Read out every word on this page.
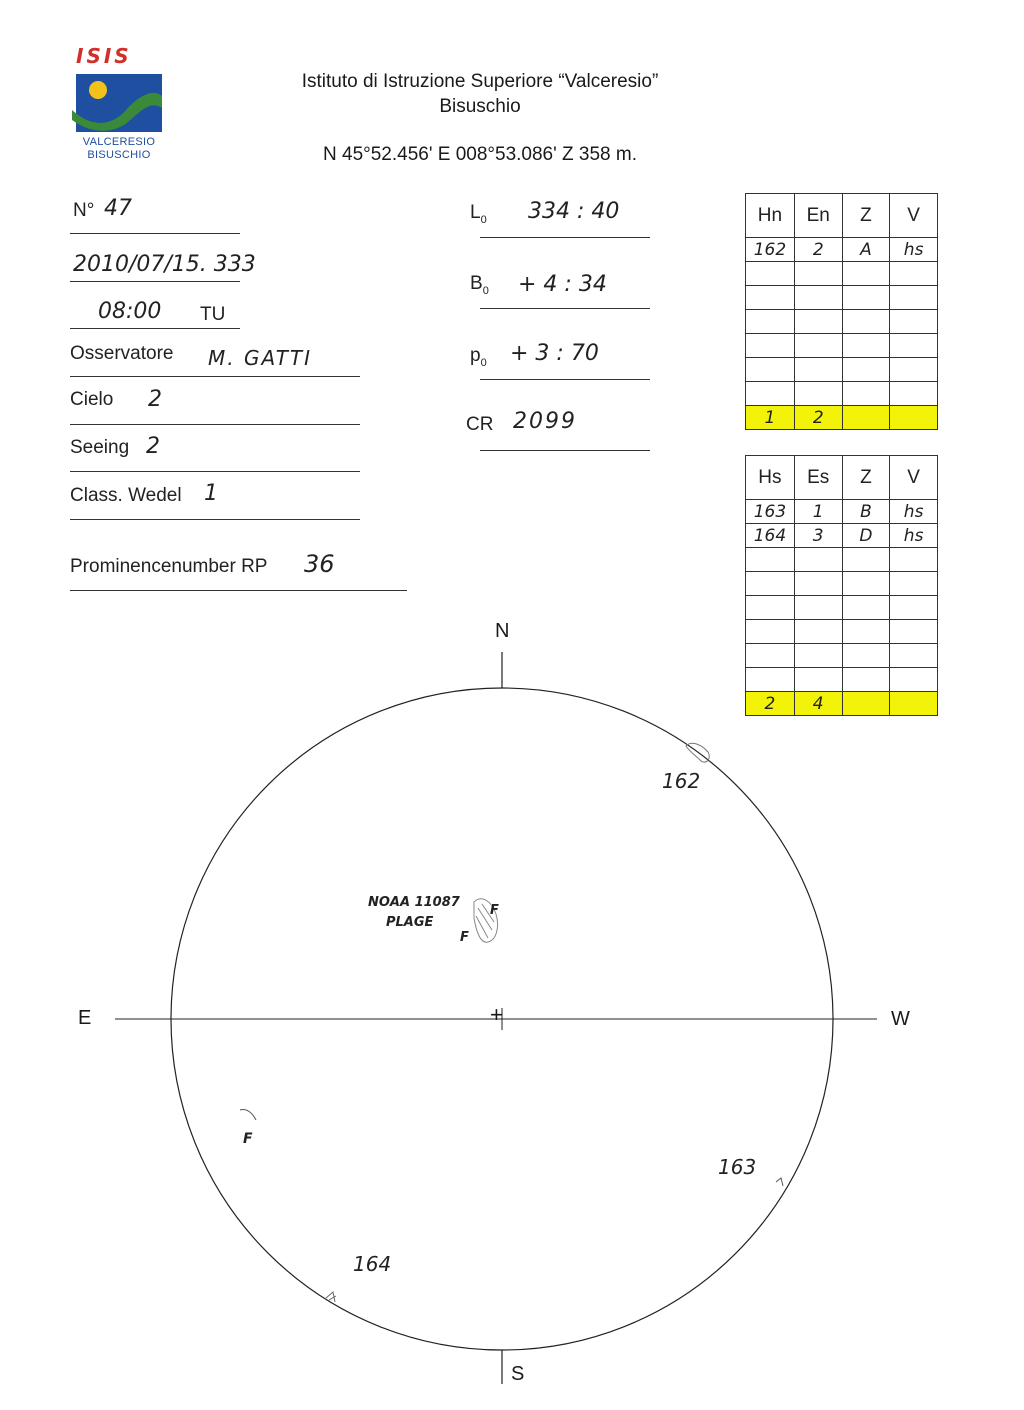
ISIS
VALCERESIO
BISUSCHIO
Istituto di Istruzione Superiore “Valceresio”
Bisuschio
N 45°52.456' E 008°53.086' Z 358 m.
N° 47
2010/07/15. 333
08:00 TU
Osservatore M. GATTI
Cielo 2
Seeing 2
Class. Wedel 1
Prominencenumber RP 36
$L_0$ 334 : 40
$B_0 + 4$ : 34
$p_0 + 3$ : 70
CR 2099
Hn	En	Z	V
162	2	A	hs

1	2		
Hs	Es	Z	V
163	1	B	hs
164	3	D	hs

2	4		
N
S
E	W
+
162
163
164
NOAA 11087
PLAGE
F
F
F
